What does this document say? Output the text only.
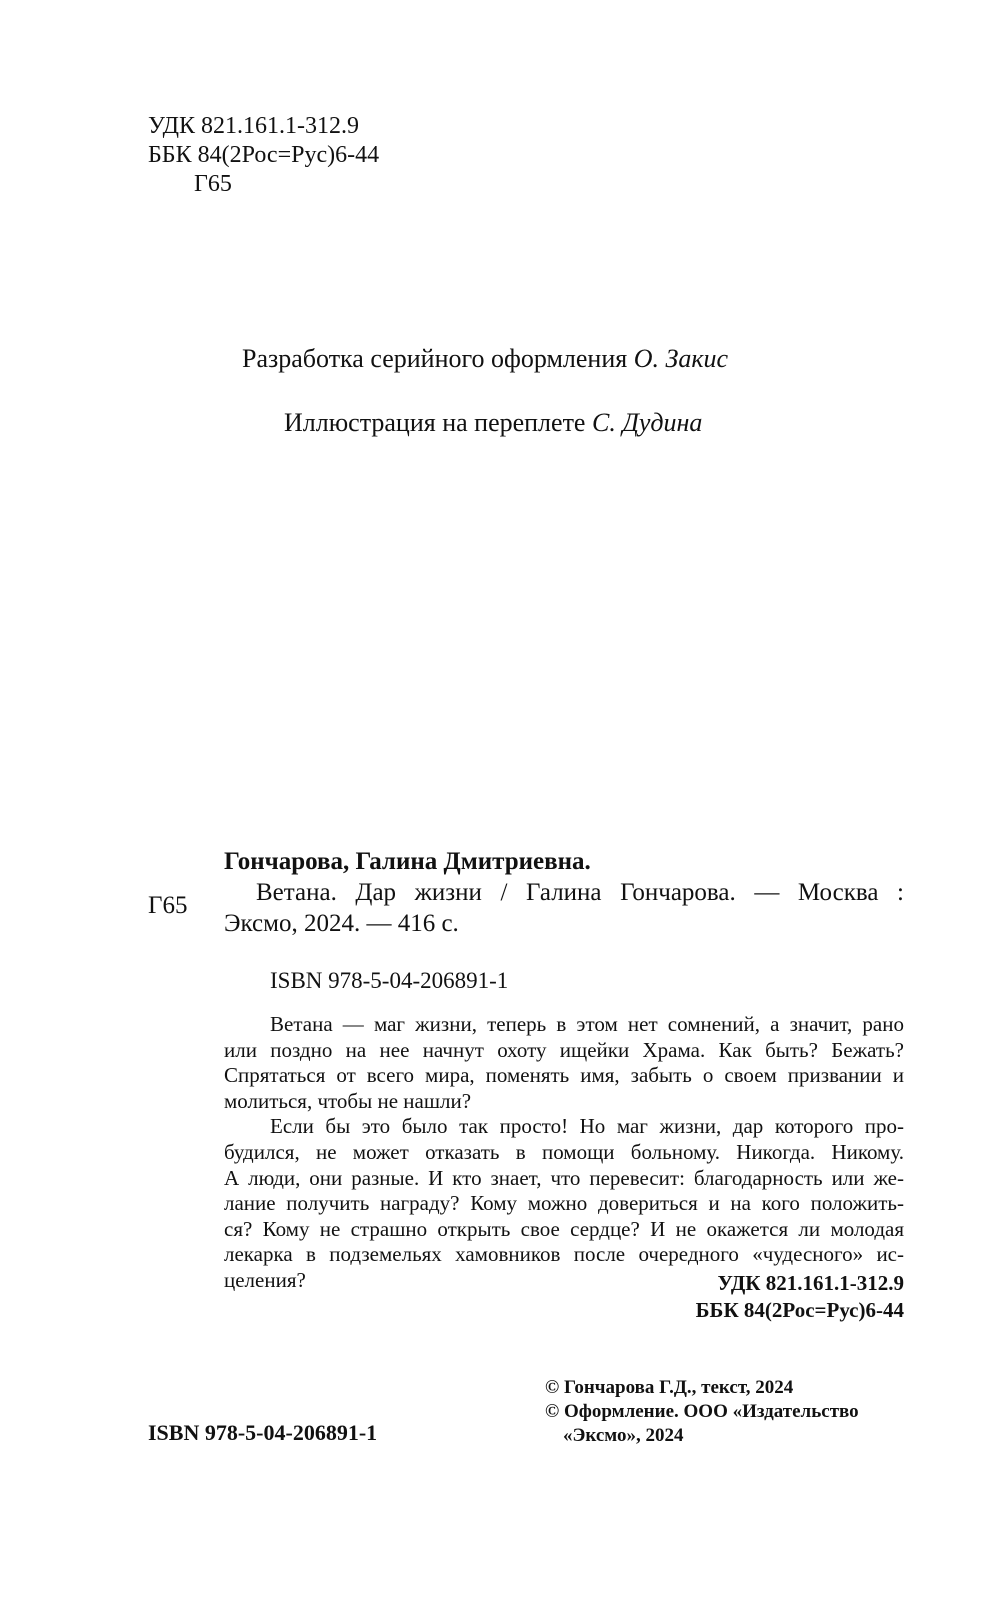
УДК 821.161.1-312.9
ББК 84(2Рос=Рус)6-44
Г65
Разработка серийного оформления О. Закис
Иллюстрация на переплете С. Дудина
Г65
Гончарова, Галина Дмитриевна.
Ветана. Дар жизни / Галина Гончарова. — Москва :
Эксмо, 2024. — 416 с.
ISBN 978-5-04-206891-1
Ветана — маг жизни, теперь в этом нет сомнений, а значит, рано
или поздно на нее начнут охоту ищейки Храма. Как быть? Бежать?
Спрятаться от всего мира, поменять имя, забыть о своем призвании и
молиться, чтобы не нашли?
Если бы это было так просто! Но маг жизни, дар которого про-
будился, не может отказать в помощи больному. Никогда. Никому.
А люди, они разные. И кто знает, что перевесит: благодарность или же-
лание получить награду? Кому можно довериться и на кого положить-
ся? Кому не страшно открыть свое сердце? И не окажется ли молодая
лекарка в подземельях хамовников после очередного «чудесного» ис-
целения?	УДК 821.161.1-312.9
ББК 84(2Рос=Рус)6-44
© Гончарова Г.Д., текст, 2024
© Оформление. ООО «Издательство
«Эксмо», 2024
ISBN 978-5-04-206891-1
